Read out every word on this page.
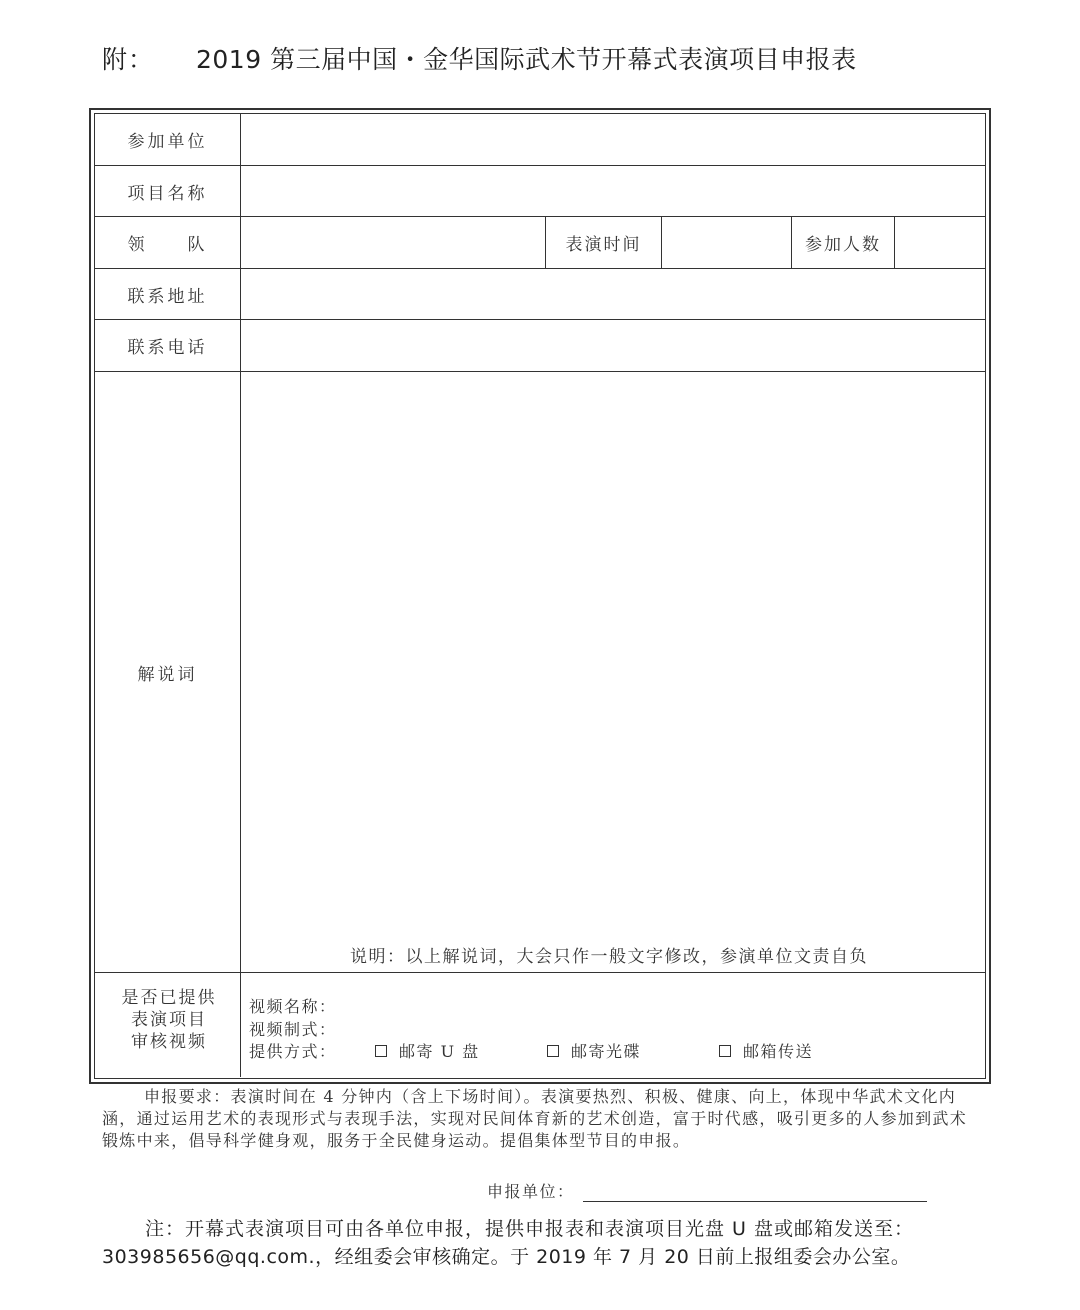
附： 2019 第三届中国・金华国际武术节开幕式表演项目申报表
参加单位
项目名称
领　　队	表演时间	参加人数
联系地址
联系电话
解说词
说明：以上解说词，大会只作一般文字修改，参演单位文责自负
是否已提供
表演项目
审核视频
视频名称：
视频制式：
提供方式：	邮寄 U 盘	邮寄光碟	邮箱传送

申报要求：表演时间在 4 分钟内（含上下场时间）。表演要热烈、积极、健康、向上，体现中华武术文化内涵，通过运用艺术的表现形式与表现手法，实现对民间体育新的艺术创造，富于时代感，吸引更多的人参加到武术锻炼中来，倡导科学健身观，服务于全民健身运动。提倡集体型节目的申报。

申报单位：
注：开幕式表演项目可由各单位申报，提供申报表和表演项目光盘 U 盘或邮箱发送至：
303985656@qq.com.，经组委会审核确定。于 2019 年 7 月 20 日前上报组委会办公室。
